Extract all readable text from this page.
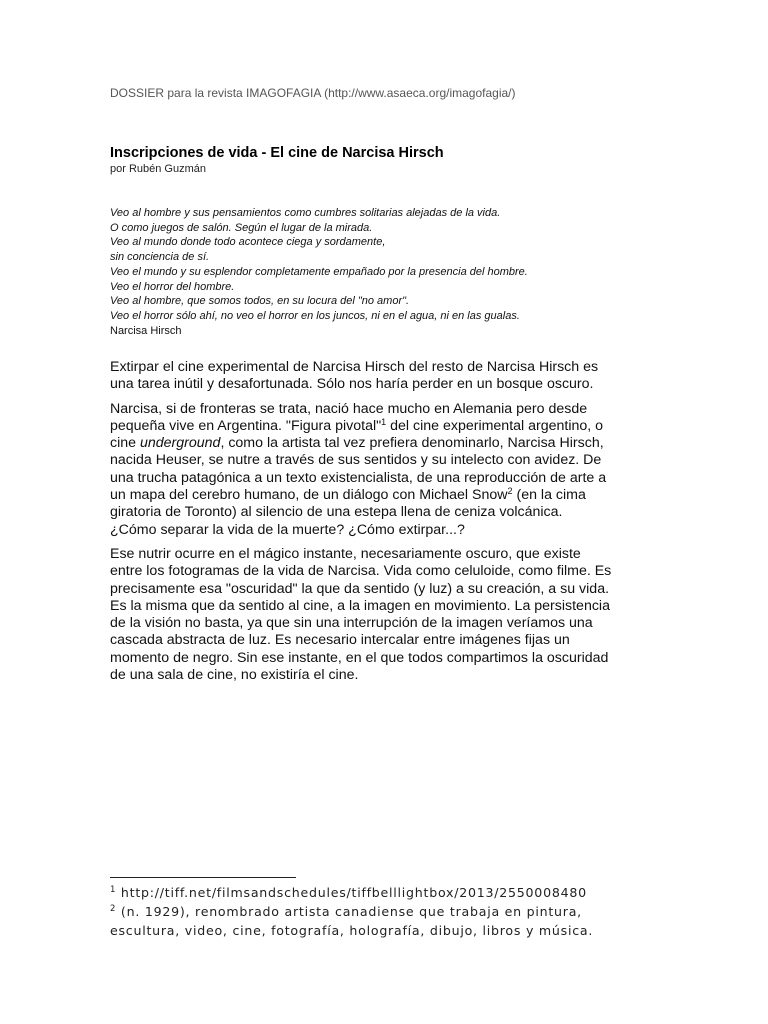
DOSSIER para la revista IMAGOFAGIA (http://www.asaeca.org/imagofagia/)
Inscripciones de vida - El cine de Narcisa Hirsch
por Rubén Guzmán
Veo al hombre y sus pensamientos como cumbres solitarias alejadas de la vida.
O como juegos de salón. Según el lugar de la mirada.
Veo al mundo donde todo acontece ciega y sordamente,
sin conciencia de sí.
Veo el mundo y su esplendor completamente empañado por la presencia del hombre.
Veo el horror del hombre.
Veo al hombre, que somos todos, en su locura del "no amor".
Veo el horror sólo ahí, no veo el horror en los juncos, ni en el agua, ni en las gualas.
Narcisa Hirsch

Extirpar el cine experimental de Narcisa Hirsch del resto de Narcisa Hirsch es
una tarea inútil y desafortunada. Sólo nos haría perder en un bosque oscuro.

Narcisa, si de fronteras se trata, nació hace mucho en Alemania pero desde
pequeña vive en Argentina. "Figura pivotal"$^1$ del cine experimental argentino, o
cine underground, como la artista tal vez prefiera denominarlo, Narcisa Hirsch,
nacida Heuser, se nutre a través de sus sentidos y su intelecto con avidez. De
una trucha patagónica a un texto existencialista, de una reproducción de arte a
un mapa del cerebro humano, de un diálogo con Michael Snow$^2$ (en la cima
giratoria de Toronto) al silencio de una estepa llena de ceniza volcánica.
¿Cómo separar la vida de la muerte? ¿Cómo extirpar...?

Ese nutrir ocurre en el mágico instante, necesariamente oscuro, que existe
entre los fotogramas de la vida de Narcisa. Vida como celuloide, como filme. Es
precisamente esa "oscuridad" la que da sentido (y luz) a su creación, a su vida.
Es la misma que da sentido al cine, a la imagen en movimiento. La persistencia
de la visión no basta, ya que sin una interrupción de la imagen veríamos una
cascada abstracta de luz. Es necesario intercalar entre imágenes fijas un
momento de negro. Sin ese instante, en el que todos compartimos la oscuridad
de una sala de cine, no existiría el cine.

$^1$ http://tiff.net/filmsandschedules/tiffbelllightbox/2013/2550008480
$^2$ (n. 1929), renombrado artista canadiense que trabaja en pintura,
escultura, video, cine, fotografía, holografía, dibujo, libros y música.
